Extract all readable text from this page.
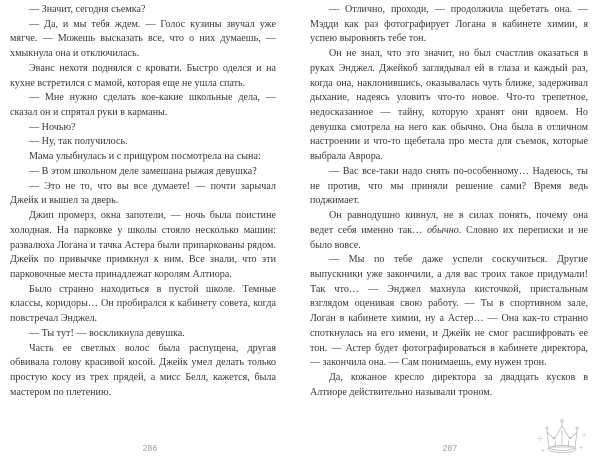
— Значит, сегодня съемка?

— Да, и мы тебя ждем. — Голос кузины звучал уже мягче. — Можешь высказать все, что о них думаешь, — хмыкнула она и отключилась.

Эванс нехотя поднялся с кровати. Быстро оделся и на кухне встретился с мамой, которая еще не ушла спать.

— Мне нужно сделать кое-какие школьные дела, — сказал он и спрятал руки в карманы.

— Ночью?

— Ну, так получилось.

Мама улыбнулась и с прищуром посмотрела на сына:

— В этом школьном деле замешана рыжая девушка?

— Это не то, что вы все думаете! — почти зарычал Джейк и вышел за дверь.

Джип промерз, окна запотели, — ночь была поистине холодная. На парковке у школы стояло несколько машин: развалюха Логана и тачка Астера были припаркованы рядом. Джейк по привычке примкнул к ним. Все знали, что эти парковочные места принадлежат королям Алтиора.

Было странно находиться в пустой школе. Темные классы, коридоры… Он пробирался к кабинету совета, когда повстречал Энджел.

— Ты тут! — воскликнула девушка.

Часть ее светлых волос была распущена, другая обвивала голову красивой косой. Джейк умел делать только простую косу из трех прядей, а мисс Белл, кажется, была мастером по плетению.

— Отлично, проходи, — продолжила щебетать она. — Мэдди как раз фотографирует Логана в кабинете химии, я успею выровнять тебе тон.

Он не знал, что это значит, но был счастлив оказаться в руках Энджел. Джейкоб заглядывал ей в глаза и каждый раз, когда она, наклонившись, оказывалась чуть ближе, задерживал дыхание, надеясь уловить что-то новое. Что-то трепетное, недосказанное — тайну, которую хранят они вдвоем. Но девушка смотрела на него как обычно. Она была в отличном настроении и что-то щебетала про места для съемок, которые выбрала Аврора.

— Вас все-таки надо снять по-особенному… Надеюсь, ты не против, что мы приняли решение сами? Время ведь поджимает.

Он равнодушно кивнул, не в силах понять, почему она ведет себя именно так… обычно. Словно их переписки и не было вовсе.

— Мы по тебе даже успели соскучиться. Другие выпускники уже закончили, а для вас троих такое придумали! Так что… — Энджел махнула кисточкой, пристальным взглядом оценивая свою работу. — Ты в спортивном зале, Логан в кабинете химии, ну а Астер… — Она как-то странно споткнулась на его имени, и Джейк не смог расшифровать ее тон. — Астер будет фотографироваться в кабинете директора, — закончила она. — Сам понимаешь, ему нужен трон.

Да, кожаное кресло директора за двадцать кусков в Алтиоре действительно называли троном.

286	287
